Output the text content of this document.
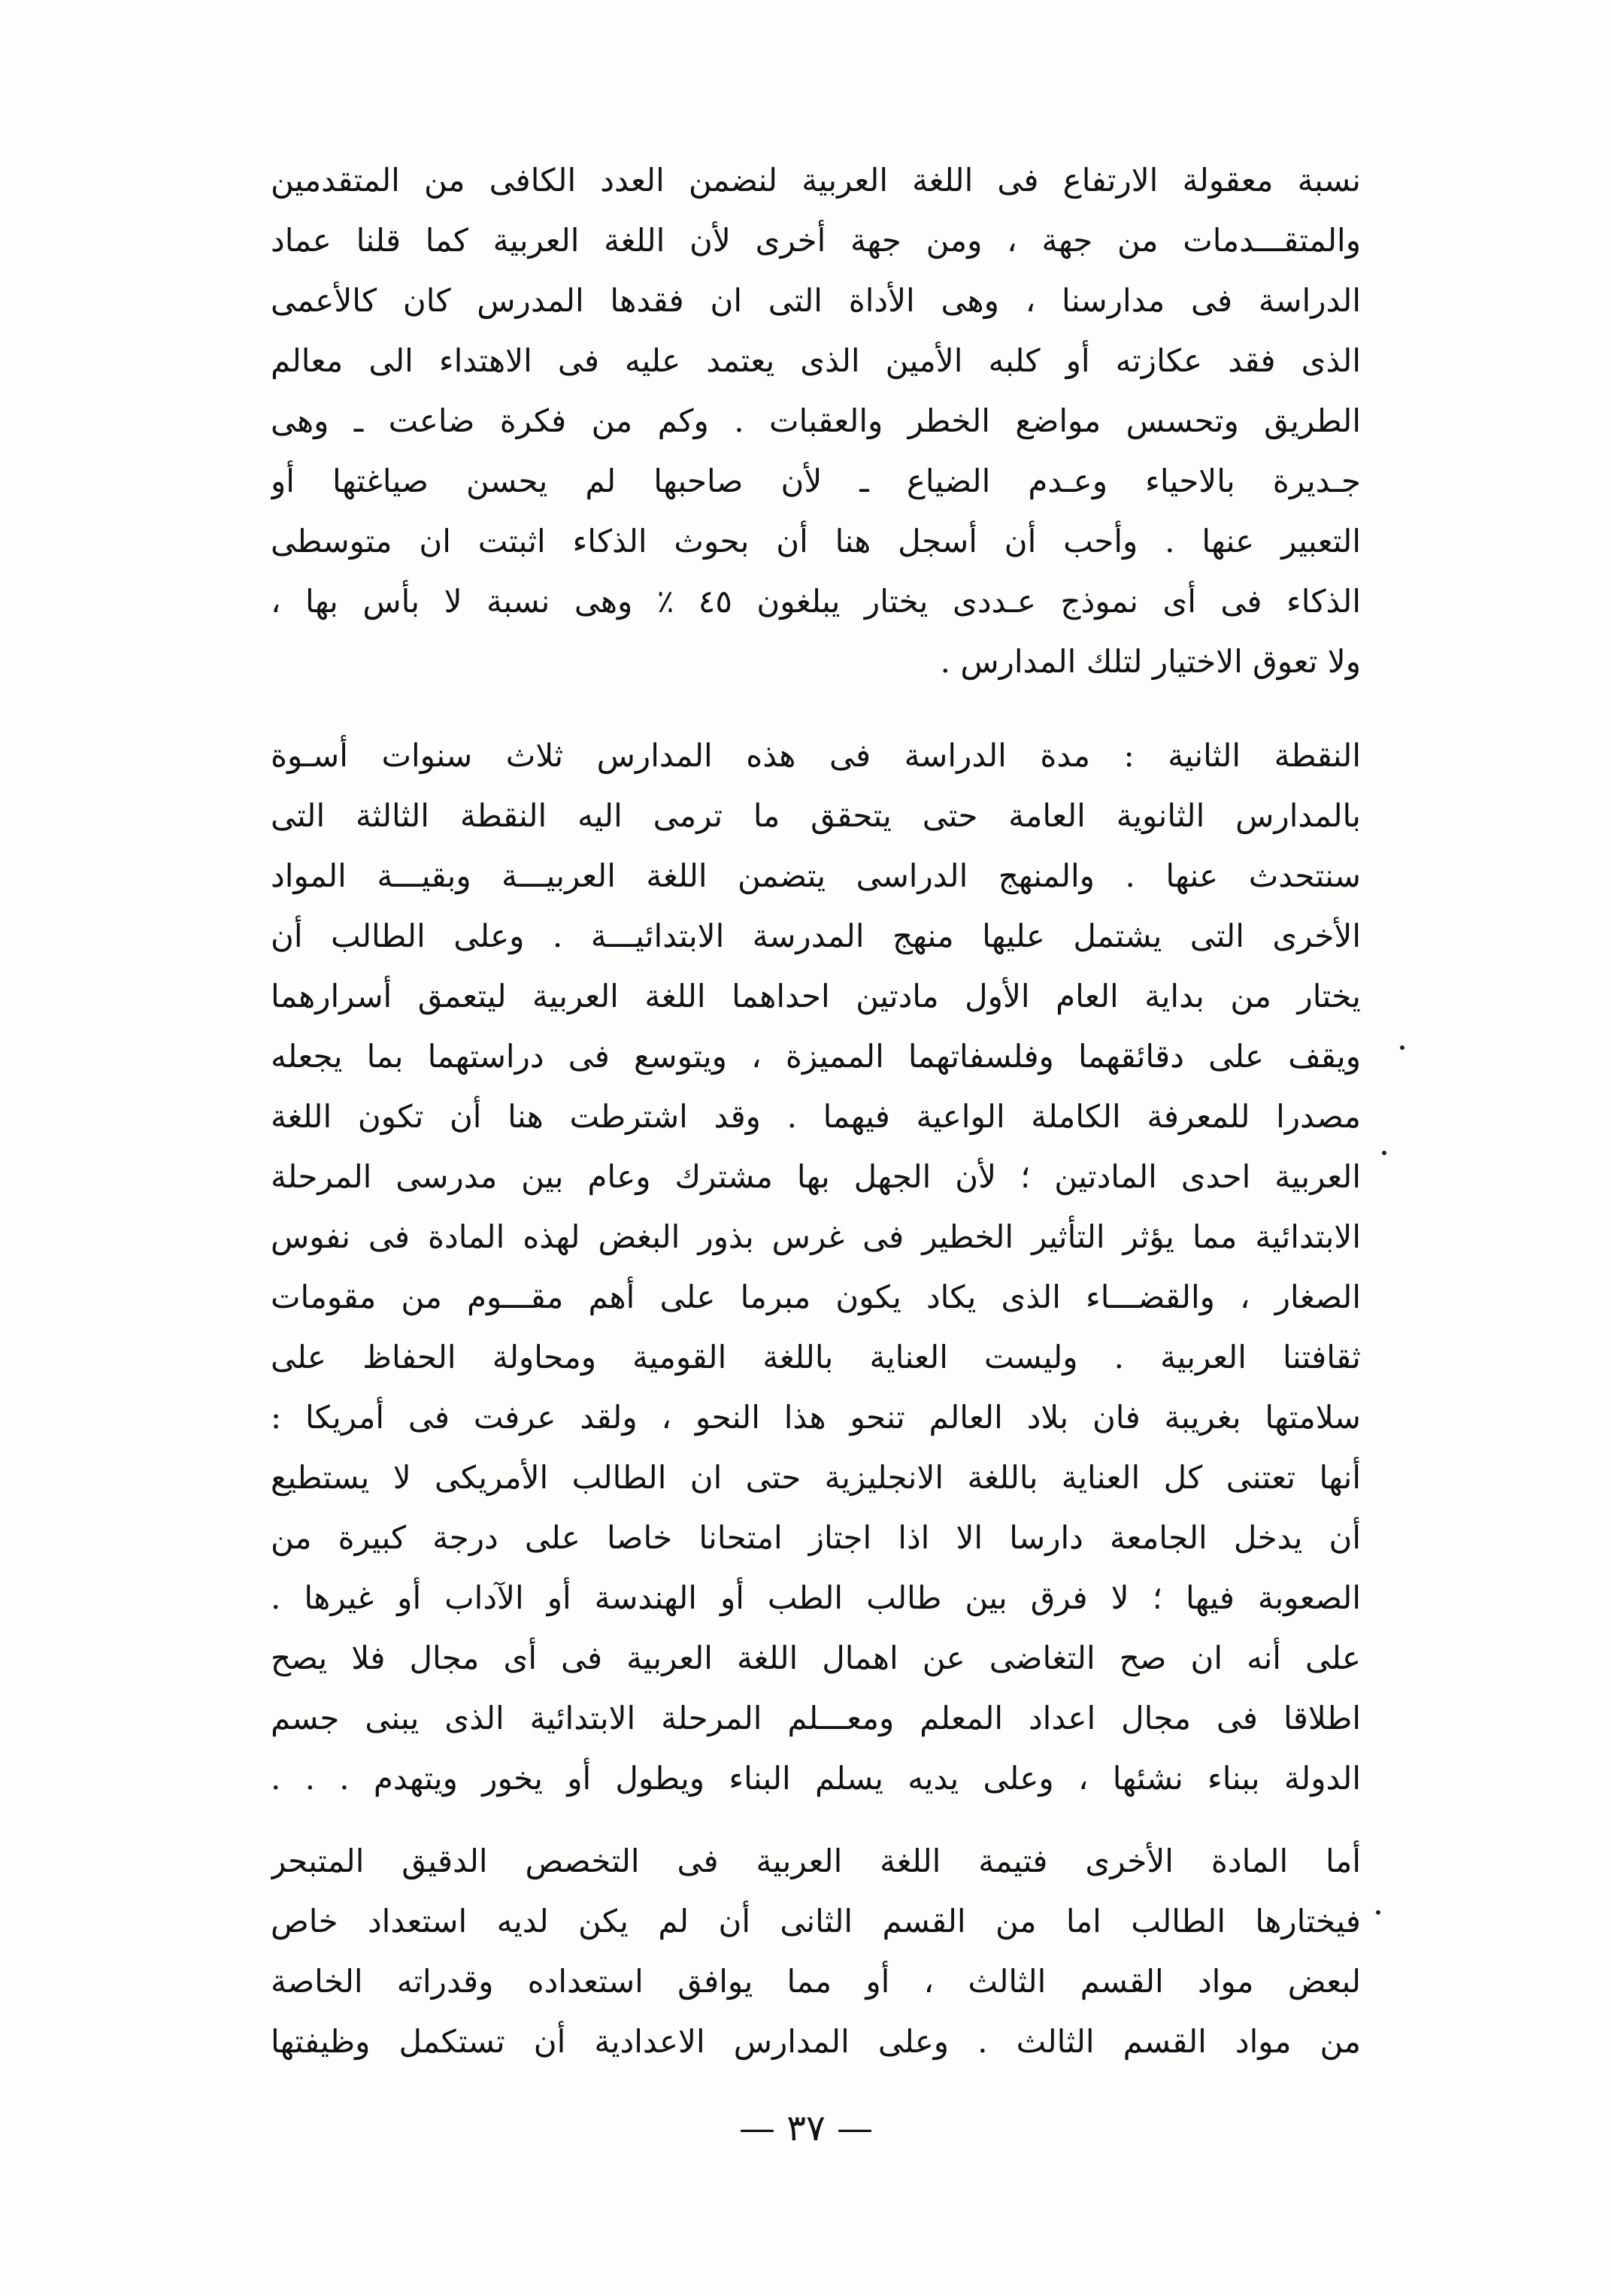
نسبة معقولة الارتفاع فى اللغة العربية لنضمن العدد الكافى من المتقدمين
والمتقـــدمات من جهة ، ومن جهة أخرى لأن اللغة العربية كما قلنا عماد
الدراسة فى مدارسنا ، وهى الأداة التى ان فقدها المدرس كان كالأعمى
الذى فقد عكازته أو كلبه الأمين الذى يعتمد عليه فى الاهتداء الى معالم
الطريق وتحسس مواضع الخطر والعقبات . وكم من فكرة ضاعت ـ وهى
جـديرة بالاحياء وعـدم الضياع ـ لأن صاحبها لم يحسن صياغتها أو
التعبير عنها . وأحب أن أسجل هنا أن بحوث الذكاء اثبتت ان متوسطى
الذكاء فى أى نموذج عـددى يختار يبلغون ٤٥ ٪ وهى نسبة لا بأس بها ،
ولا تعوق الاختيار لتلك المدارس .
النقطة الثانية : مدة الدراسة فى هذه المدارس ثلاث سنوات أسـوة
بالمدارس الثانوية العامة حتى يتحقق ما ترمى اليه النقطة الثالثة التى
سنتحدث عنها . والمنهج الدراسى يتضمن اللغة العربيـــة وبقيـــة المواد
الأخرى التى يشتمل عليها منهج المدرسة الابتدائيـــة . وعلى الطالب أن
يختار من بداية العام الأول مادتين احداهما اللغة العربية ليتعمق أسرارهما
ويقف على دقائقهما وفلسفاتهما المميزة ، ويتوسع فى دراستهما بما يجعله
مصدرا للمعرفة الكاملة الواعية فيهما . وقد اشترطت هنا أن تكون اللغة
العربية احدى المادتين ؛ لأن الجهل بها مشترك وعام بين مدرسى المرحلة
الابتدائية مما يؤثر التأثير الخطير فى غرس بذور البغض لهذه المادة فى نفوس
الصغار ، والقضـــاء الذى يكاد يكون مبرما على أهم مقـــوم من مقومات
ثقافتنا العربية . وليست العناية باللغة القومية ومحاولة الحفاظ على
سلامتها بغريبة فان بلاد العالم تنحو هذا النحو ، ولقد عرفت فى أمريكا :
أنها تعتنى كل العناية باللغة الانجليزية حتى ان الطالب الأمريكى لا يستطيع
أن يدخل الجامعة دارسا الا اذا اجتاز امتحانا خاصا على درجة كبيرة من
الصعوبة فيها ؛ لا فرق بين طالب الطب أو الهندسة أو الآداب أو غيرها .
على أنه ان صح التغاضى عن اهمال اللغة العربية فى أى مجال فلا يصح
اطلاقا فى مجال اعداد المعلم ومعـــلم المرحلة الابتدائية الذى يبنى جسم
الدولة ببناء نشئها ، وعلى يديه يسلم البناء ويطول أو يخور ويتهدم . . .
أما المادة الأخرى فتيمة اللغة العربية فى التخصص الدقيق المتبحر
فيختارها الطالب اما من القسم الثانى أن لم يكن لديه استعداد خاص
لبعض مواد القسم الثالث ، أو مما يوافق استعداده وقدراته الخاصة
من مواد القسم الثالث . وعلى المدارس الاعدادية أن تستكمل وظيفتها
— ٣٧ —
